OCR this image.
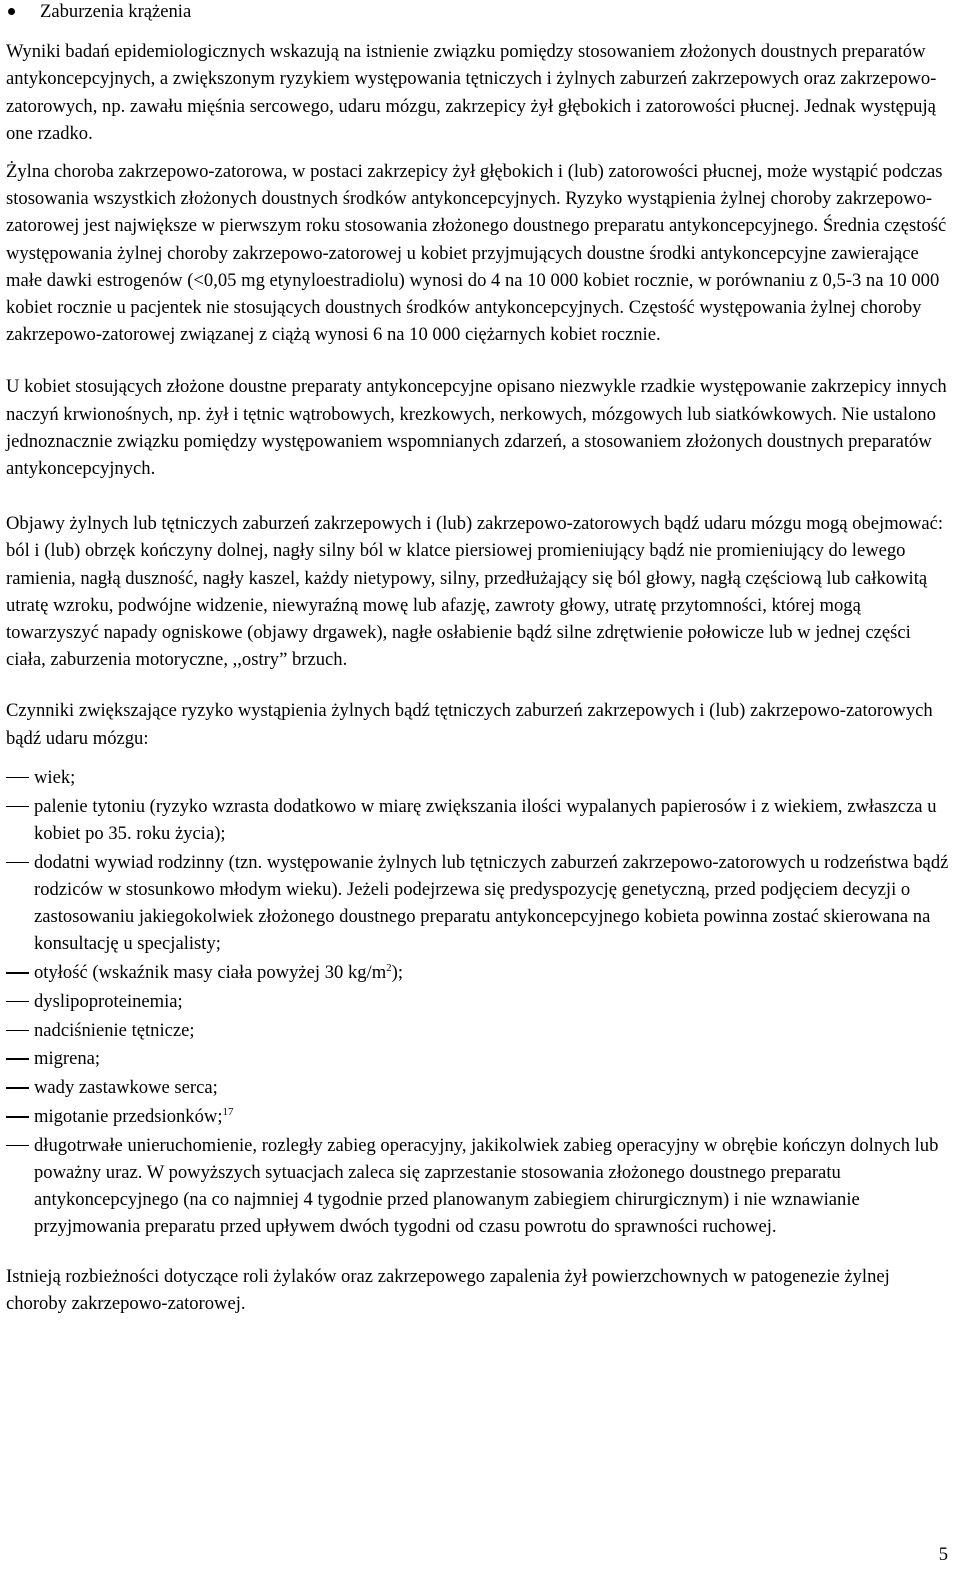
Zaburzenia krążenia

Wyniki badań epidemiologicznych wskazują na istnienie związku pomiędzy stosowaniem złożonych doustnych preparatów antykoncepcyjnych, a zwiększonym ryzykiem występowania tętniczych i żylnych zaburzeń zakrzepowych oraz zakrzepowo-zatorowych, np. zawału mięśnia sercowego, udaru mózgu, zakrzepicy żył głębokich i zatorowości płucnej. Jednak występują one rzadko.

Żylna choroba zakrzepowo-zatorowa, w postaci zakrzepicy żył głębokich i (lub) zatorowości płucnej, może wystąpić podczas stosowania wszystkich złożonych doustnych środków antykoncepcyjnych. Ryzyko wystąpienia żylnej choroby zakrzepowo-zatorowej jest największe w pierwszym roku stosowania złożonego doustnego preparatu antykoncepcyjnego. Średnia częstość występowania żylnej choroby zakrzepowo-zatorowej u kobiet przyjmujących doustne środki antykoncepcyjne zawierające małe dawki estrogenów (<0,05 mg etynyloestradiolu) wynosi do 4 na 10 000 kobiet rocznie, w porównaniu z 0,5-3 na 10 000 kobiet rocznie u pacjentek nie stosujących doustnych środków antykoncepcyjnych. Częstość występowania żylnej choroby zakrzepowo-zatorowej związanej z ciążą wynosi 6 na 10 000 ciężarnych kobiet rocznie.

U kobiet stosujących złożone doustne preparaty antykoncepcyjne opisano niezwykle rzadkie występowanie zakrzepicy innych naczyń krwionośnych, np. żył i tętnic wątrobowych, krezkowych, nerkowych, mózgowych lub siatkówkowych. Nie ustalono jednoznacznie związku pomiędzy występowaniem wspomnianych zdarzeń, a stosowaniem złożonych doustnych preparatów antykoncepcyjnych.

Objawy żylnych lub tętniczych zaburzeń zakrzepowych i (lub) zakrzepowo-zatorowych bądź udaru mózgu mogą obejmować: ból i (lub) obrzęk kończyny dolnej, nagły silny ból w klatce piersiowej promieniujący bądź nie promieniujący do lewego ramienia, nagłą duszność, nagły kaszel, każdy nietypowy, silny, przedłużający się ból głowy, nagłą częściową lub całkowitą utratę wzroku, podwójne widzenie, niewyraźną mowę lub afazję, zawroty głowy, utratę przytomności, której mogą towarzyszyć napady ogniskowe (objawy drgawek), nagłe osłabienie bądź silne zdrętwienie połowicze lub w jednej części ciała, zaburzenia motoryczne, ,,ostry” brzuch.

Czynniki zwiększające ryzyko wystąpienia żylnych bądź tętniczych zaburzeń zakrzepowych i (lub) zakrzepowo-zatorowych bądź udaru mózgu:

wiek;
palenie tytoniu (ryzyko wzrasta dodatkowo w miarę zwiększania ilości wypalanych papierosów i z wiekiem, zwłaszcza u kobiet po 35. roku życia);
dodatni wywiad rodzinny (tzn. występowanie żylnych lub tętniczych zaburzeń zakrzepowo-zatorowych u rodzeństwa bądź rodziców w stosunkowo młodym wieku). Jeżeli podejrzewa się predyspozycję genetyczną, przed podjęciem decyzji o zastosowaniu jakiegokolwiek złożonego doustnego preparatu antykoncepcyjnego kobieta powinna zostać skierowana na konsultację u specjalisty;
otyłość (wskaźnik masy ciała powyżej 30 $kg/m^2$);
dyslipoproteinemia;
nadciśnienie tętnicze;
migrena;
wady zastawkowe serca;
migotanie przedsionków;$^{17}$
długotrwałe unieruchomienie, rozległy zabieg operacyjny, jakikolwiek zabieg operacyjny w obrębie kończyn dolnych lub poważny uraz. W powyższych sytuacjach zaleca się zaprzestanie stosowania złożonego doustnego preparatu antykoncepcyjnego (na co najmniej 4 tygodnie przed planowanym zabiegiem chirurgicznym) i nie wznawianie przyjmowania preparatu przed upływem dwóch tygodni od czasu powrotu do sprawności ruchowej.

Istnieją rozbieżności dotyczące roli żylaków oraz zakrzepowego zapalenia żył powierzchownych w patogenezie żylnej choroby zakrzepowo-zatorowej.

5
